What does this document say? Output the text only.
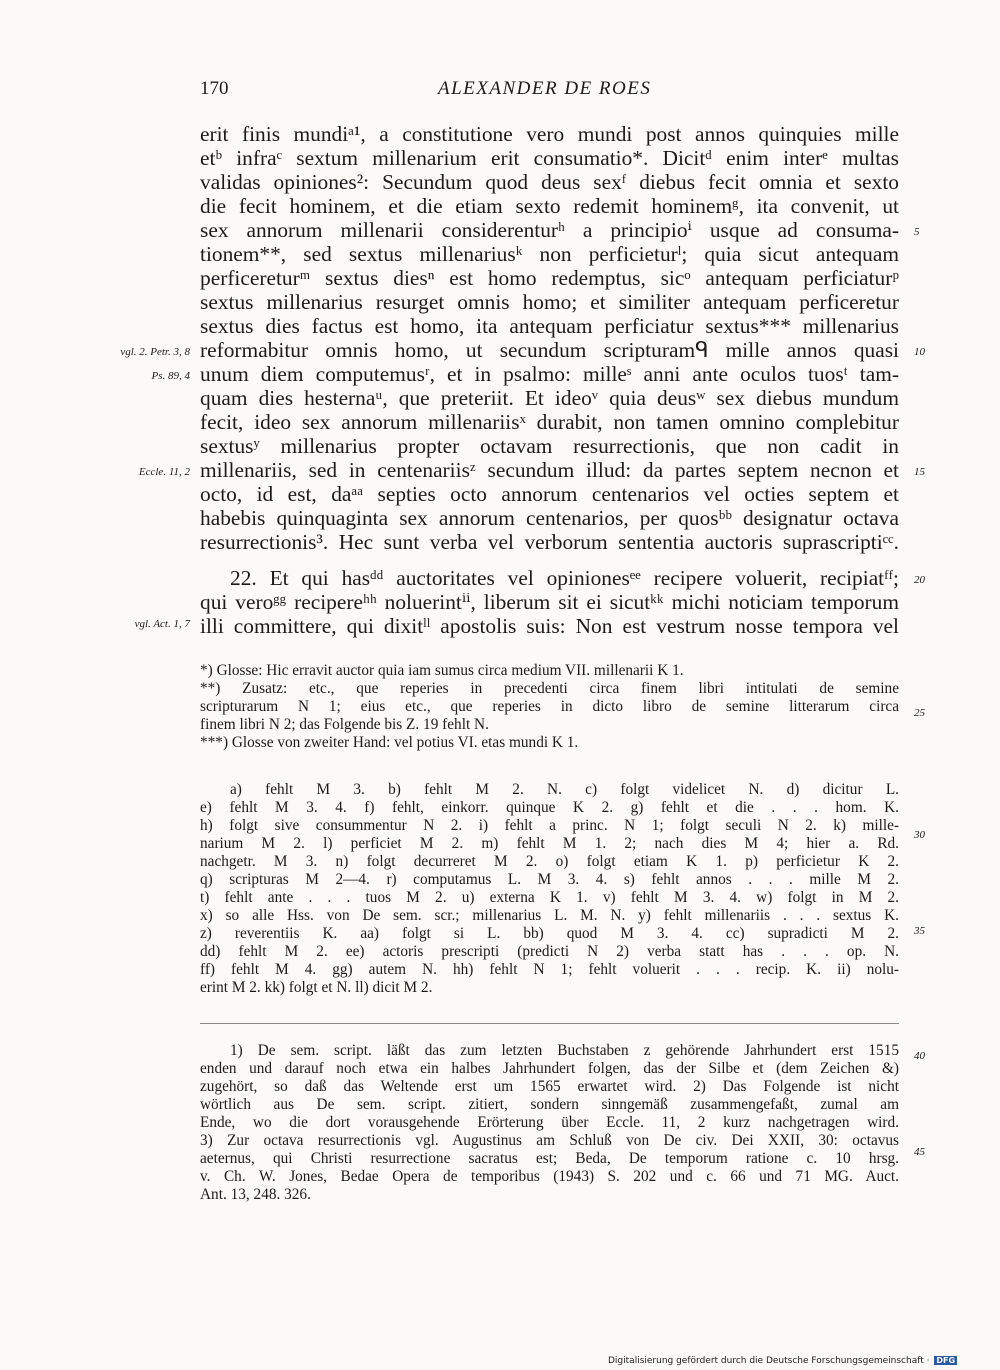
170	ALEXANDER DE ROES
erit finis mundiᵃ¹, a constitutione vero mundi post annos quinquies mille
etᵇ infraᶜ sextum millenarium erit consumatio*. Dicitᵈ enim interᵉ multas
validas opiniones²: Secundum quod deus sexᶠ diebus fecit omnia et sexto
die fecit hominem, et die etiam sexto redemit hominemᵍ, ita convenit, ut
sex annorum millenarii considerenturʰ a principioⁱ usque ad consuma-
tionem**, sed sextus millenariusᵏ non perficieturˡ; quia sicut antequam
perficereturᵐ sextus diesⁿ est homo redemptus, sicᵒ antequam perficiaturᵖ
sextus millenarius resurget omnis homo; et similiter antequam perficeretur
sextus dies factus est homo, ita antequam perficiatur sextus*** millenarius
reformabitur omnis homo, ut secundum scripturamᑫ mille annos quasi
unum diem computemusʳ, et in psalmo: milleˢ anni ante oculos tuosᵗ tam-
quam dies hesternaᵘ, que preteriit. Et ideoᵛ quia deusʷ sex diebus mundum
fecit, ideo sex annorum millenariisˣ durabit, non tamen omnino complebitur
sextusʸ millenarius propter octavam resurrectionis, que non cadit in
millenariis, sed in centenariisᶻ secundum illud: da partes septem necnon et
octo, id est, daᵃᵃ septies octo annorum centenarios vel octies septem et
habebis quinquaginta sex annorum centenarios, per quosᵇᵇ designatur octava
resurrectionis³. Hec sunt verba vel verborum sententia auctoris suprascriptiᶜᶜ.
22. Et qui hasᵈᵈ auctoritates vel opinionesᵉᵉ recipere voluerit, recipiatᶠᶠ;
qui veroᵍᵍ recipereʰʰ noluerintⁱⁱ, liberum sit ei sicutᵏᵏ michi noticiam temporum
illi committere, qui dixitˡˡ apostolis suis: Non est vestrum nosse tempora vel
vgl. 2. Petr. 3, 8
Ps. 89, 4
Eccle. 11, 2
vgl. Act. 1, 7
5
10
15
20
25
30
35
40
45
*) Glosse: Hic erravit auctor quia iam sumus circa medium VII. millenarii K 1.
**) Zusatz: etc., que reperies in precedenti circa finem libri intitulati de semine
scripturarum N 1; eius etc., que reperies in dicto libro de semine litterarum circa
finem libri N 2; das Folgende bis Z. 19 fehlt N.
***) Glosse von zweiter Hand: vel potius VI. etas mundi K 1.
a) fehlt M 3. b) fehlt M 2. N. c) folgt videlicet N. d) dicitur L.
e) fehlt M 3. 4. f) fehlt, einkorr. quinque K 2. g) fehlt et die . . . hom. K.
h) folgt sive consummentur N 2. i) fehlt a princ. N 1; folgt seculi N 2. k) mille-
narium M 2. l) perficiet M 2. m) fehlt M 1. 2; nach dies M 4; hier a. Rd.
nachgetr. M 3. n) folgt decurreret M 2. o) folgt etiam K 1. p) perficietur K 2.
q) scripturas M 2—4. r) computamus L. M 3. 4. s) fehlt annos . . . mille M 2.
t) fehlt ante . . . tuos M 2. u) externa K 1. v) fehlt M 3. 4. w) folgt in M 2.
x) so alle Hss. von De sem. scr.; millenarius L. M. N. y) fehlt millenariis . . . sextus K.
z) reverentiis K. aa) folgt si L. bb) quod M 3. 4. cc) supradicti M 2.
dd) fehlt M 2. ee) actoris prescripti (predicti N 2) verba statt has . . . op. N.
ff) fehlt M 4. gg) autem N. hh) fehlt N 1; fehlt voluerit . . . recip. K. ii) nolu-
erint M 2. kk) folgt et N. ll) dicit M 2.
1) De sem. script. läßt das zum letzten Buchstaben z gehörende Jahrhundert erst 1515
enden und darauf noch etwa ein halbes Jahrhundert folgen, das der Silbe et (dem Zeichen &)
zugehört, so daß das Weltende erst um 1565 erwartet wird. 2) Das Folgende ist nicht
wörtlich aus De sem. script. zitiert, sondern sinngemäß zusammengefaßt, zumal am
Ende, wo die dort vorausgehende Erörterung über Eccle. 11, 2 kurz nachgetragen wird.
3) Zur octava resurrectionis vgl. Augustinus am Schluß von De civ. Dei XXII, 30: octavus
aeternus, qui Christi resurrectione sacratus est; Beda, De temporum ratione c. 10 hrsg.
v. Ch. W. Jones, Bedae Opera de temporibus (1943) S. 202 und c. 66 und 71 MG. Auct.
Ant. 13, 248. 326.
Digitalisierung gefördert durch die Deutsche Forschungsgemeinschaft · DFG
